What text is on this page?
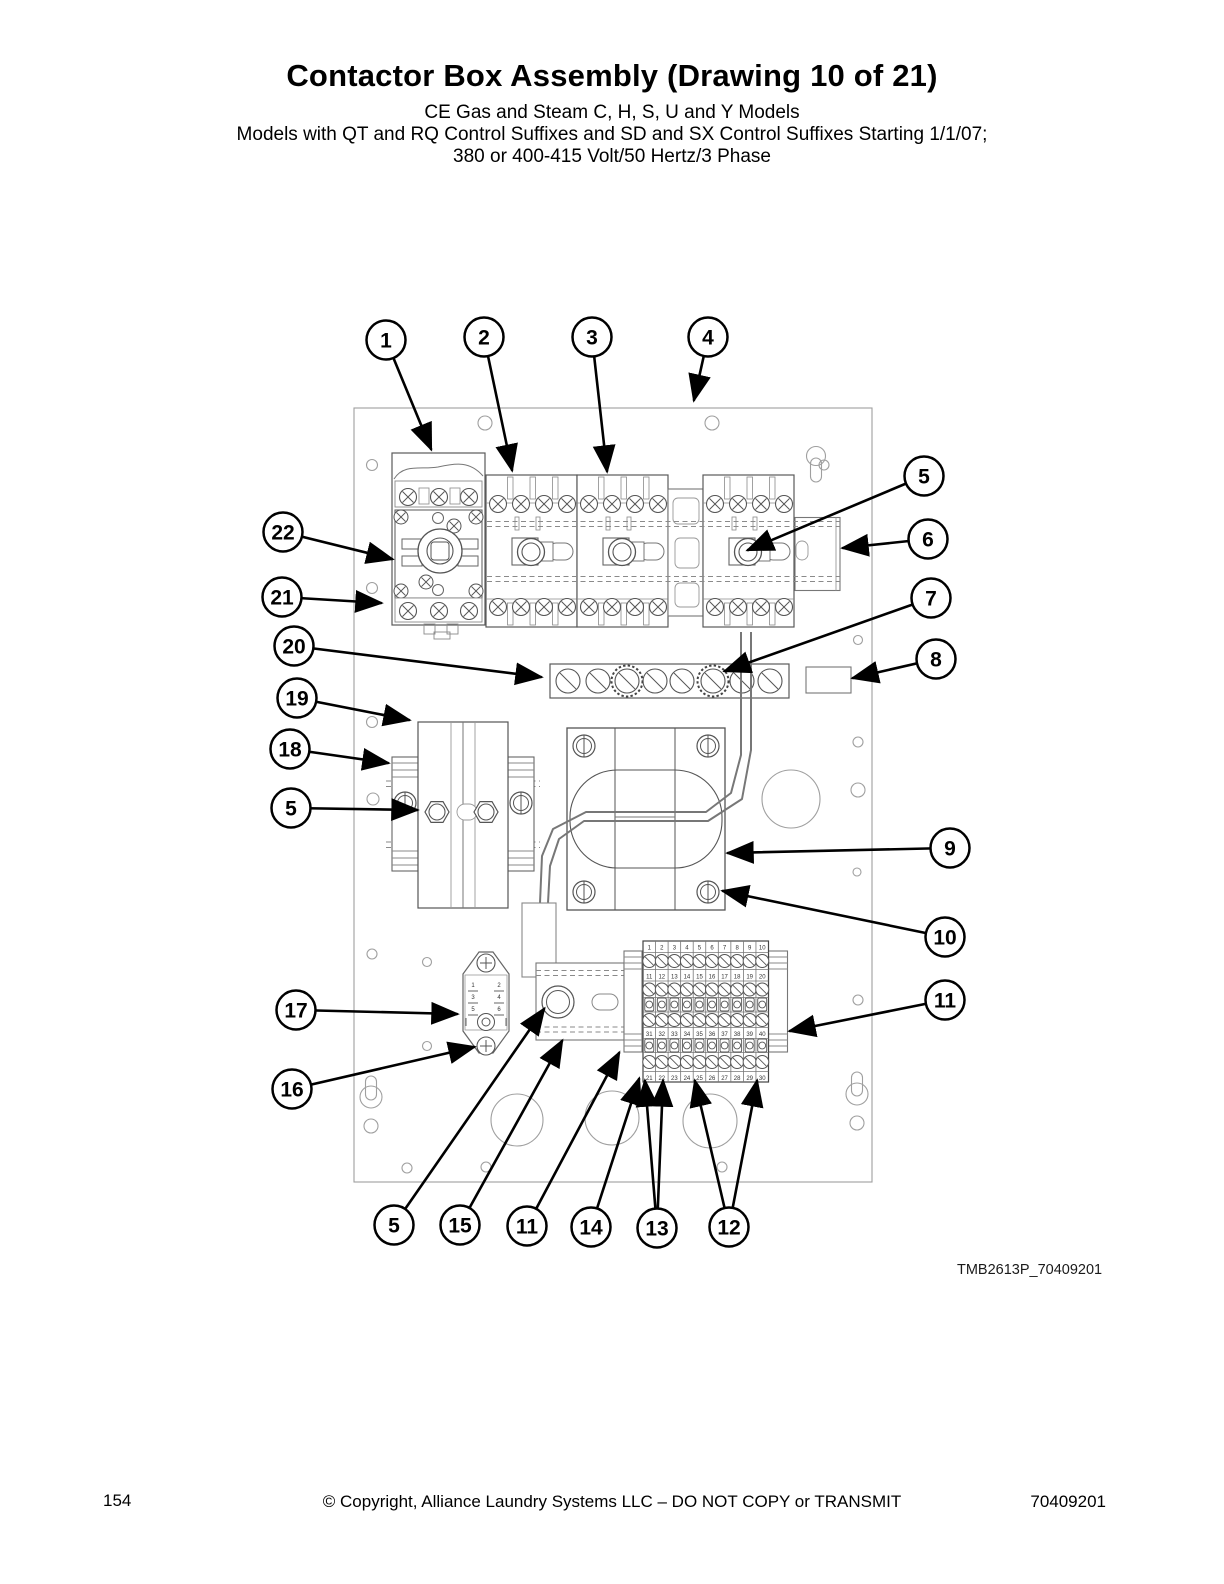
Contactor Box Assembly (Drawing 10 of 21)
CE Gas and Steam C, H, S, U and Y Models
Models with QT and RQ Control Suffixes and SD and SX Control Suffixes Starting 1/1/07;
380 or 400-415 Volt/50 Hertz/3 Phase
1 2 3 4 5 6 7 8 9 10
11 12 13 14 15 16 17 18 19 20
31 32 33 34 35 36 37 38 39 40
21 22 23 24 25 26 27 28 29 30
1	2
3	4
5	6
1	2	3	4
5
6
7
8
22
21
20
19
18
5
9
10
17
16
11
5 15 11 14 13 12
TMB2613P_70409201
154	© Copyright, Alliance Laundry Systems LLC – DO NOT COPY or TRANSMIT	70409201
